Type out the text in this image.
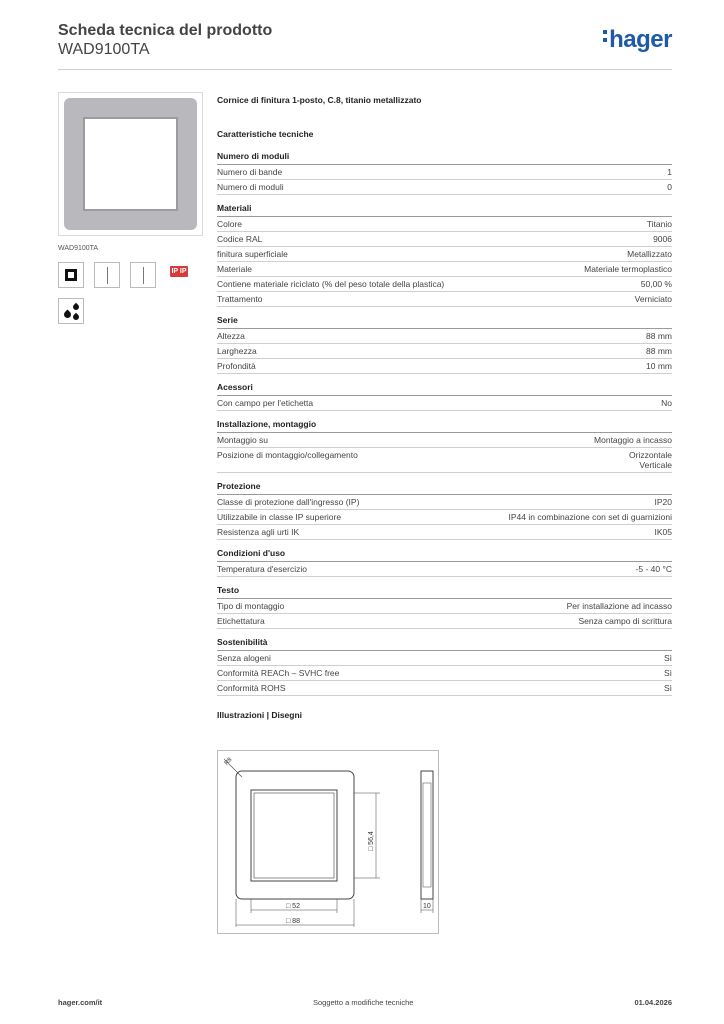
Scheda tecnica del prodotto
WAD9100TA	hager
WAD9100TA
IP IP
Cornice di finitura 1-posto, C.8, titanio metallizzato
Caratteristiche tecniche
Numero di moduli
Numero di bande	1
Numero di moduli	0
Materiali
Colore	Titanio
Codice RAL	9006
finitura superficiale	Metallizzato
Materiale	Materiale termoplastico
Contiene materiale riciclato (% del peso totale della plastica)	50,00 %
Trattamento	Verniciato
Serie
Altezza	88 mm
Larghezza	88 mm
Profondità	10 mm
Acessori
Con campo per l'etichetta	No
Installazione, montaggio
Montaggio su	Montaggio a incasso
Posizione di montaggio/collegamento	Orizzontale
Verticale
Protezione
Classe di protezione dall'ingresso (IP)	IP20
Utilizzabile in classe IP superiore	IP44 in combinazione con set di guarnizioni
Resistenza agli urti IK	IK05
Condizioni d'uso
Temperatura d'esercizio	-5 - 40 °C
Testo
Tipo di montaggio	Per installazione ad incasso
Etichettatura	Senza campo di scrittura
Sostenibilità
Senza alogeni	Sì
Conformità REACh – SVHC free	Sì
Conformità ROHS	Sì
Illustrazioni | Disegni
R8
□ 52
□ 88
□ 56,4
10
hager.com/it	Soggetto a modifiche tecniche	01.04.2026
